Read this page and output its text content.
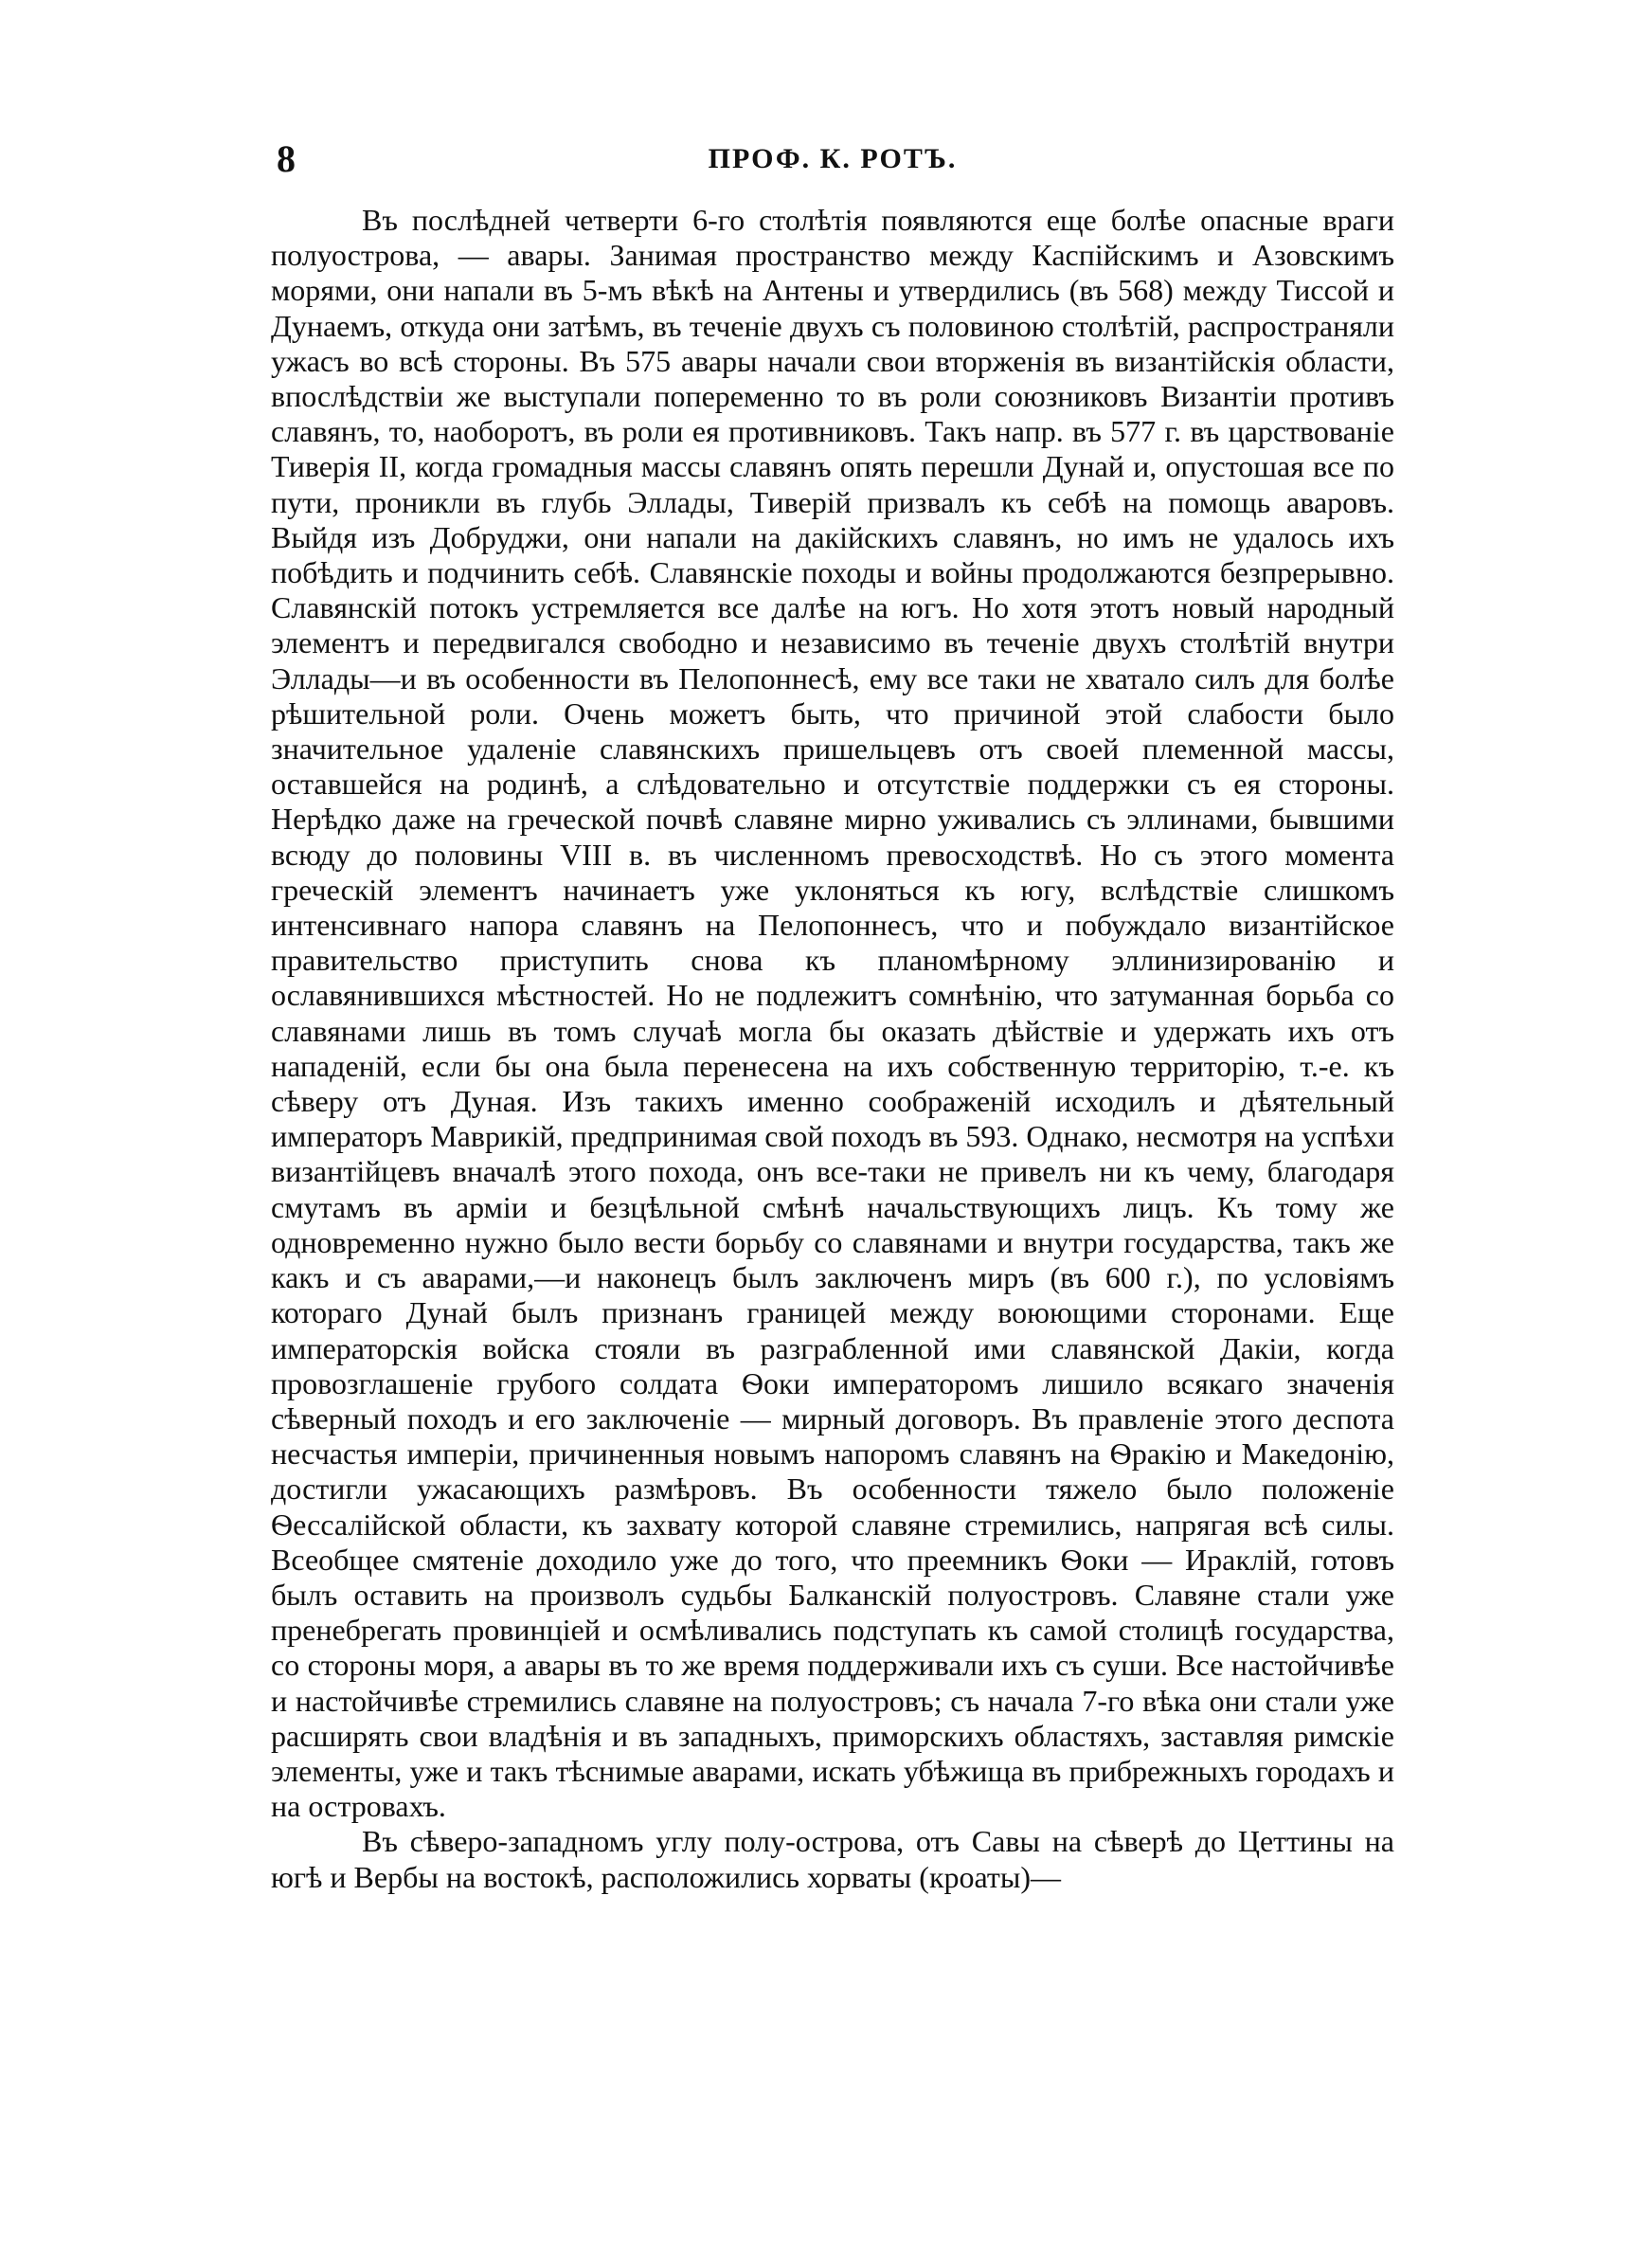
8	ПРОФ. К. РОТЪ.

Въ послѣдней четверти 6-го столѣтія появляются еще болѣе опасные враги полуострова, — авары. Занимая пространство между Каспійскимъ и Азовскимъ морями, они напали въ 5-мъ вѣкѣ на Антены и утвердились (въ 568) между Тиссой и Дунаемъ, откуда они затѣмъ, въ теченіе двухъ съ половиною столѣтій, распространяли ужасъ во всѣ стороны. Въ 575 авары начали свои вторженія въ византійскія области, впослѣдствіи же выступали попеременно то въ роли союзниковъ Византіи противъ славянъ, то, наоборотъ, въ роли ея противниковъ. Такъ напр. въ 577 г. въ царствованіе Тиверія II, когда громадныя массы славянъ опять перешли Дунай и, опустошая все по пути, проникли въ глубь Эллады, Тиверій призвалъ къ себѣ на помощь аваровъ. Выйдя изъ Добруджи, они напали на дакійскихъ славянъ, но имъ не удалось ихъ побѣдить и подчинить себѣ. Славянскіе походы и войны продолжаются безпрерывно. Славянскій потокъ устремляется все далѣе на югъ. Но хотя этотъ новый народный элементъ и передвигался свободно и независимо въ теченіе двухъ столѣтій внутри Эллады—и въ особенности въ Пелопоннесѣ, ему все таки не хватало силъ для болѣе рѣшительной роли. Очень можетъ быть, что причиной этой слабости было значительное удаленіе славянскихъ пришельцевъ отъ своей племенной массы, оставшейся на родинѣ, а слѣдовательно и отсутствіе поддержки съ ея стороны. Нерѣдко даже на греческой почвѣ славяне мирно уживались съ эллинами, бывшими всюду до половины VIII в. въ численномъ превосходствѣ. Но съ этого момента греческій элементъ начинаетъ уже уклоняться къ югу, вслѣдствіе слишкомъ интенсивнаго напора славянъ на Пелопоннесъ, что и побуждало византійское правительство приступить снова къ планомѣрному эллинизированію и ославянившихся мѣстностей. Но не подлежитъ сомнѣнію, что затуманная борьба со славянами лишь въ томъ случаѣ могла бы оказать дѣйствіе и удержать ихъ отъ нападеній, если бы она была перенесена на ихъ собственную территорію, т.-е. къ сѣверу отъ Дуная. Изъ такихъ именно соображеній исходилъ и дѣятельный императоръ Маврикій, предпринимая свой походъ въ 593. Однако, несмотря на успѣхи византійцевъ вначалѣ этого похода, онъ все-таки не привелъ ни къ чему, благодаря смутамъ въ арміи и безцѣльной смѣнѣ начальствующихъ лицъ. Къ тому же одновременно нужно было вести борьбу со славянами и внутри государства, такъ же какъ и съ аварами,—и наконецъ былъ заключенъ миръ (въ 600 г.), по условіямъ котораго Дунай былъ признанъ границей между воюющими сторонами. Еще императорскія войска стояли въ разграбленной ими славянской Дакіи, когда провозглашеніе грубого солдата Ѳоки императоромъ лишило всякаго значенія сѣверный походъ и его заключеніе — мирный договоръ. Въ правленіе этого деспота несчастья имперіи, причиненныя новымъ напоромъ славянъ на Ѳракію и Македонію, достигли ужасающихъ размѣровъ. Въ особенности тяжело было положеніе Ѳессалійской области, къ захвату которой славяне стремились, напрягая всѣ силы. Всеобщее смятеніе доходило уже до того, что преемникъ Ѳоки — Ираклій, готовъ былъ оставить на произволъ судьбы Балканскій полуостровъ. Славяне стали уже пренебрегать провинціей и осмѣливались подступать къ самой столицѣ государства, со стороны моря, а авары въ то же время поддерживали ихъ съ суши. Все настойчивѣе и настойчивѣе стремились славяне на полуостровъ; съ начала 7-го вѣка они стали уже расширять свои владѣнія и въ западныхъ, приморскихъ областяхъ, заставляя римскіе элементы, уже и такъ тѣснимые аварами, искать убѣжища въ прибрежныхъ городахъ и на островахъ.

Въ сѣверо-западномъ углу полу-острова, отъ Савы на сѣверѣ до Цеттины на югѣ и Вербы на востокѣ, расположились хорваты (кроаты)—
